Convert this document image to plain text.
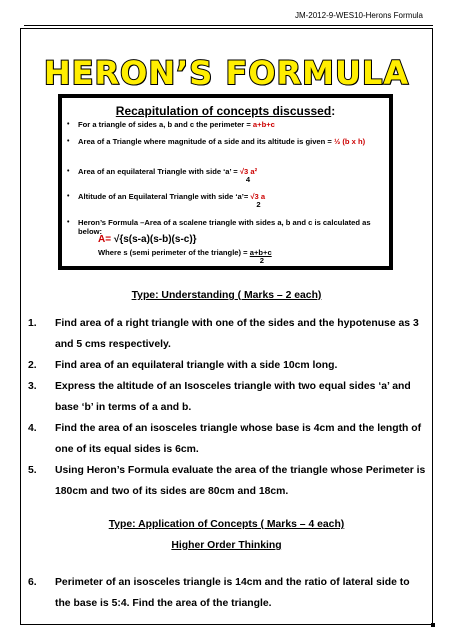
JM-2012-9-WES10-Herons Formula
HERON’S FORMULA
Recapitulation of concepts discussed:
• For a triangle of sides a, b and c the perimeter = a+b+c
• Area of a Triangle where magnitude of a side and its altitude is given = ½ (b x h)
• Area of an equilateral Triangle with side ‘a’ = √3 a²
4
• Altitude of an Equilateral Triangle with side ‘a’= √3 a
2
• Heron’s Formula –Area of a scalene triangle with sides a, b and c is calculated as below:
A= √{s(s-a)(s-b)(s-c)}
Where s (semi perimeter of the triangle) = $\frac{a+b+c}{2}$
Type: Understanding ( Marks – 2 each)
1.	Find area of a right triangle with one of the sides and the hypotenuse as 3 and 5 cms respectively.
2.	Find area of an equilateral triangle with a side 10cm long.
3.	Express the altitude of an Isosceles triangle with two equal sides ‘a’ and base ‘b’ in terms of a and b.
4.	Find the area of an isosceles triangle whose base is 4cm and the length of one of its equal sides is 6cm.
5.	Using Heron’s Formula evaluate the area of the triangle whose Perimeter is 180cm and two of its sides are 80cm and 18cm.
Type: Application of Concepts ( Marks – 4 each)
Higher Order Thinking
6.	Perimeter of an isosceles triangle is 14cm and the ratio of lateral side to the base is 5:4. Find the area of the triangle.
